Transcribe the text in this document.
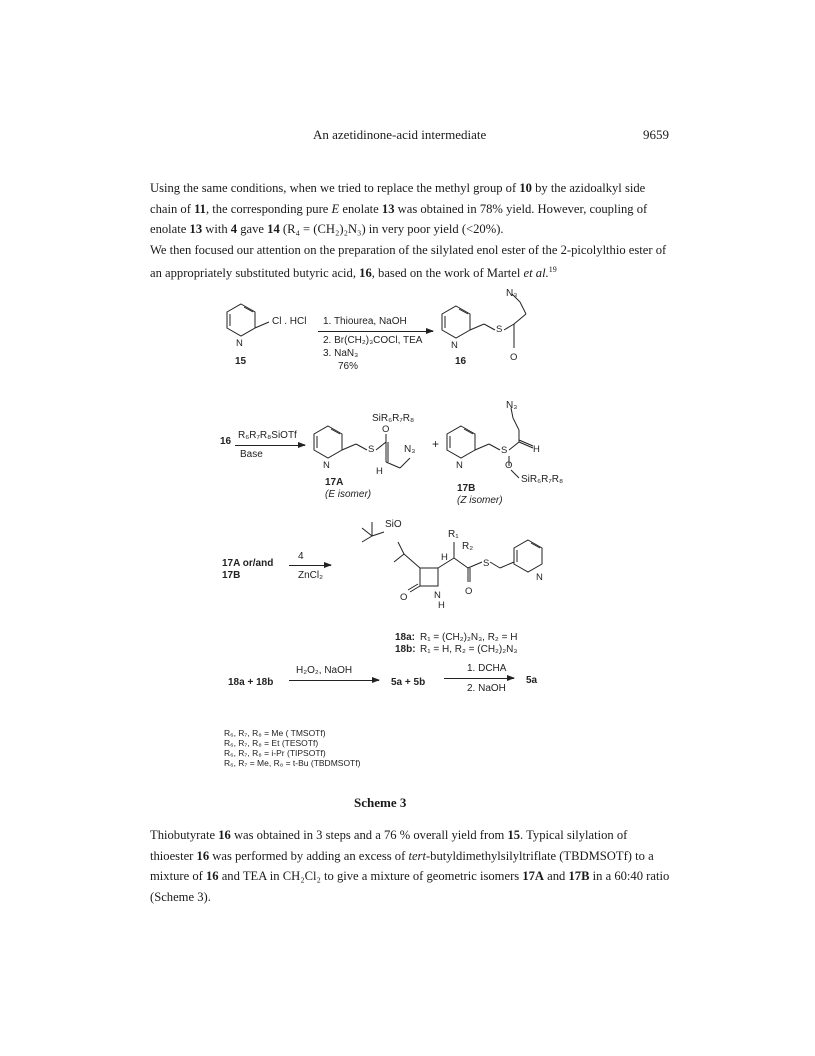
An azetidinone-acid intermediate	9659

Using the same conditions, when we tried to replace the methyl group of 10 by the azidoalkyl side chain of 11, the corresponding pure E enolate 13 was obtained in 78% yield. However, coupling of enolate 13 with 4 gave 14 (R₄ = (CH₂)₂N₃) in very poor yield (<20%).

We then focused our attention on the preparation of the silylated enol ester of the 2-picolylthio ester of an appropriately substituted butyric acid, 16, based on the work of Martel et al.$^{19}$

N
Cl . HCl
15
1. Thiourea, NaOH
2. Br(CH₂)₃COCl, TEA
3. NaN₃
76%
N
S
O
N₃
16
16
R₆R₇R₈SiOTf
Base
N
S
O
H
SiR₆R₇R₈
N₃
17A
(E isomer)
+
N
S
O
H
N₃
SiR₆R₇R₈
17B
(Z isomer)
17A or/and
17B
4
ZnCl₂
H
N
H
O
O
S
N
SiO
R₁
R₂
18a: R₁ = (CH₂)₂N₃, R₂ = H
18b: R₁ = H, R₂ = (CH₂)₂N₃
18a + 18b
H₂O₂, NaOH
5a + 5b
1. DCHA
2. NaOH
5a
R₆, R₇, R₈ = Me ( TMSOTf)
R₆, R₇, R₈ = Et (TESOTf)
R₆, R₇, R₈ = i-Pr (TIPSOTf)
R₆, R₇ = Me, R₈ = t-Bu (TBDMSOTf)
Scheme 3

Thiobutyrate 16 was obtained in 3 steps and a 76 % overall yield from 15. Typical silylation of thioester 16 was performed by adding an excess of tert-butyldimethylsilyltriflate (TBDMSOTf) to a mixture of 16 and TEA in CH₂Cl₂ to give a mixture of geometric isomers 17A and 17B in a 60:40 ratio (Scheme 3).
